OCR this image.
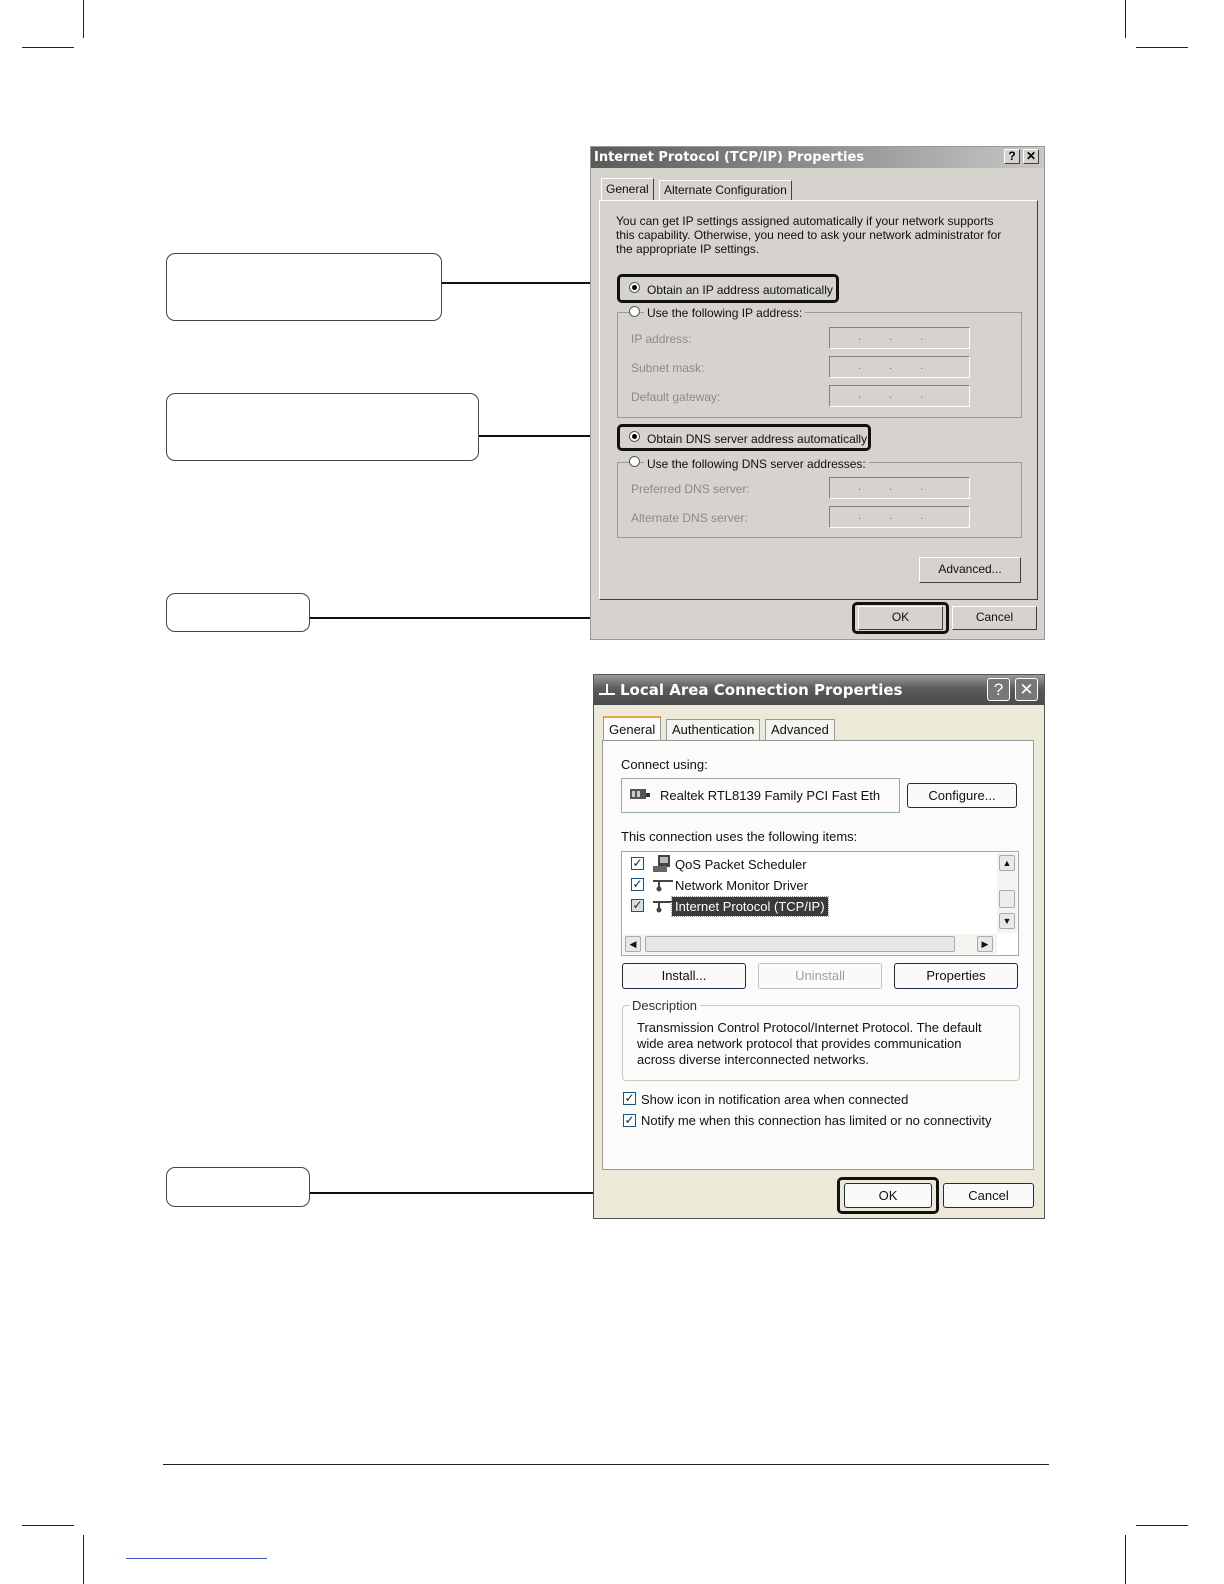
Internet Protocol (TCP/IP) Properties	? ✕
General	Alternate Configuration
You can get IP settings assigned automatically if your network supports
this capability. Otherwise, you need to ask your network administrator for
the appropriate IP settings.
Obtain an IP address automatically
Use the following IP address:
IP address:	...
Subnet mask:	...
Default gateway:	...
Obtain DNS server address automatically
Use the following DNS server addresses:
Preferred DNS server:	...
Alternate DNS server:	...
Advanced...
OK	Cancel
Local Area Connection Properties	? ✕
General	Authentication	Advanced
Connect using:
Realtek RTL8139 Family PCI Fast Eth	Configure...
This connection uses the following items:
✓ QoS Packet Scheduler
✓ Network Monitor Driver
✓ Internet Protocol (TCP/IP)
▲
▼
◀	▶
Install...	Uninstall	Properties
Description
Transmission Control Protocol/Internet Protocol. The default
wide area network protocol that provides communication
across diverse interconnected networks.
✓ Show icon in notification area when connected
✓ Notify me when this connection has limited or no connectivity
OK	Cancel
